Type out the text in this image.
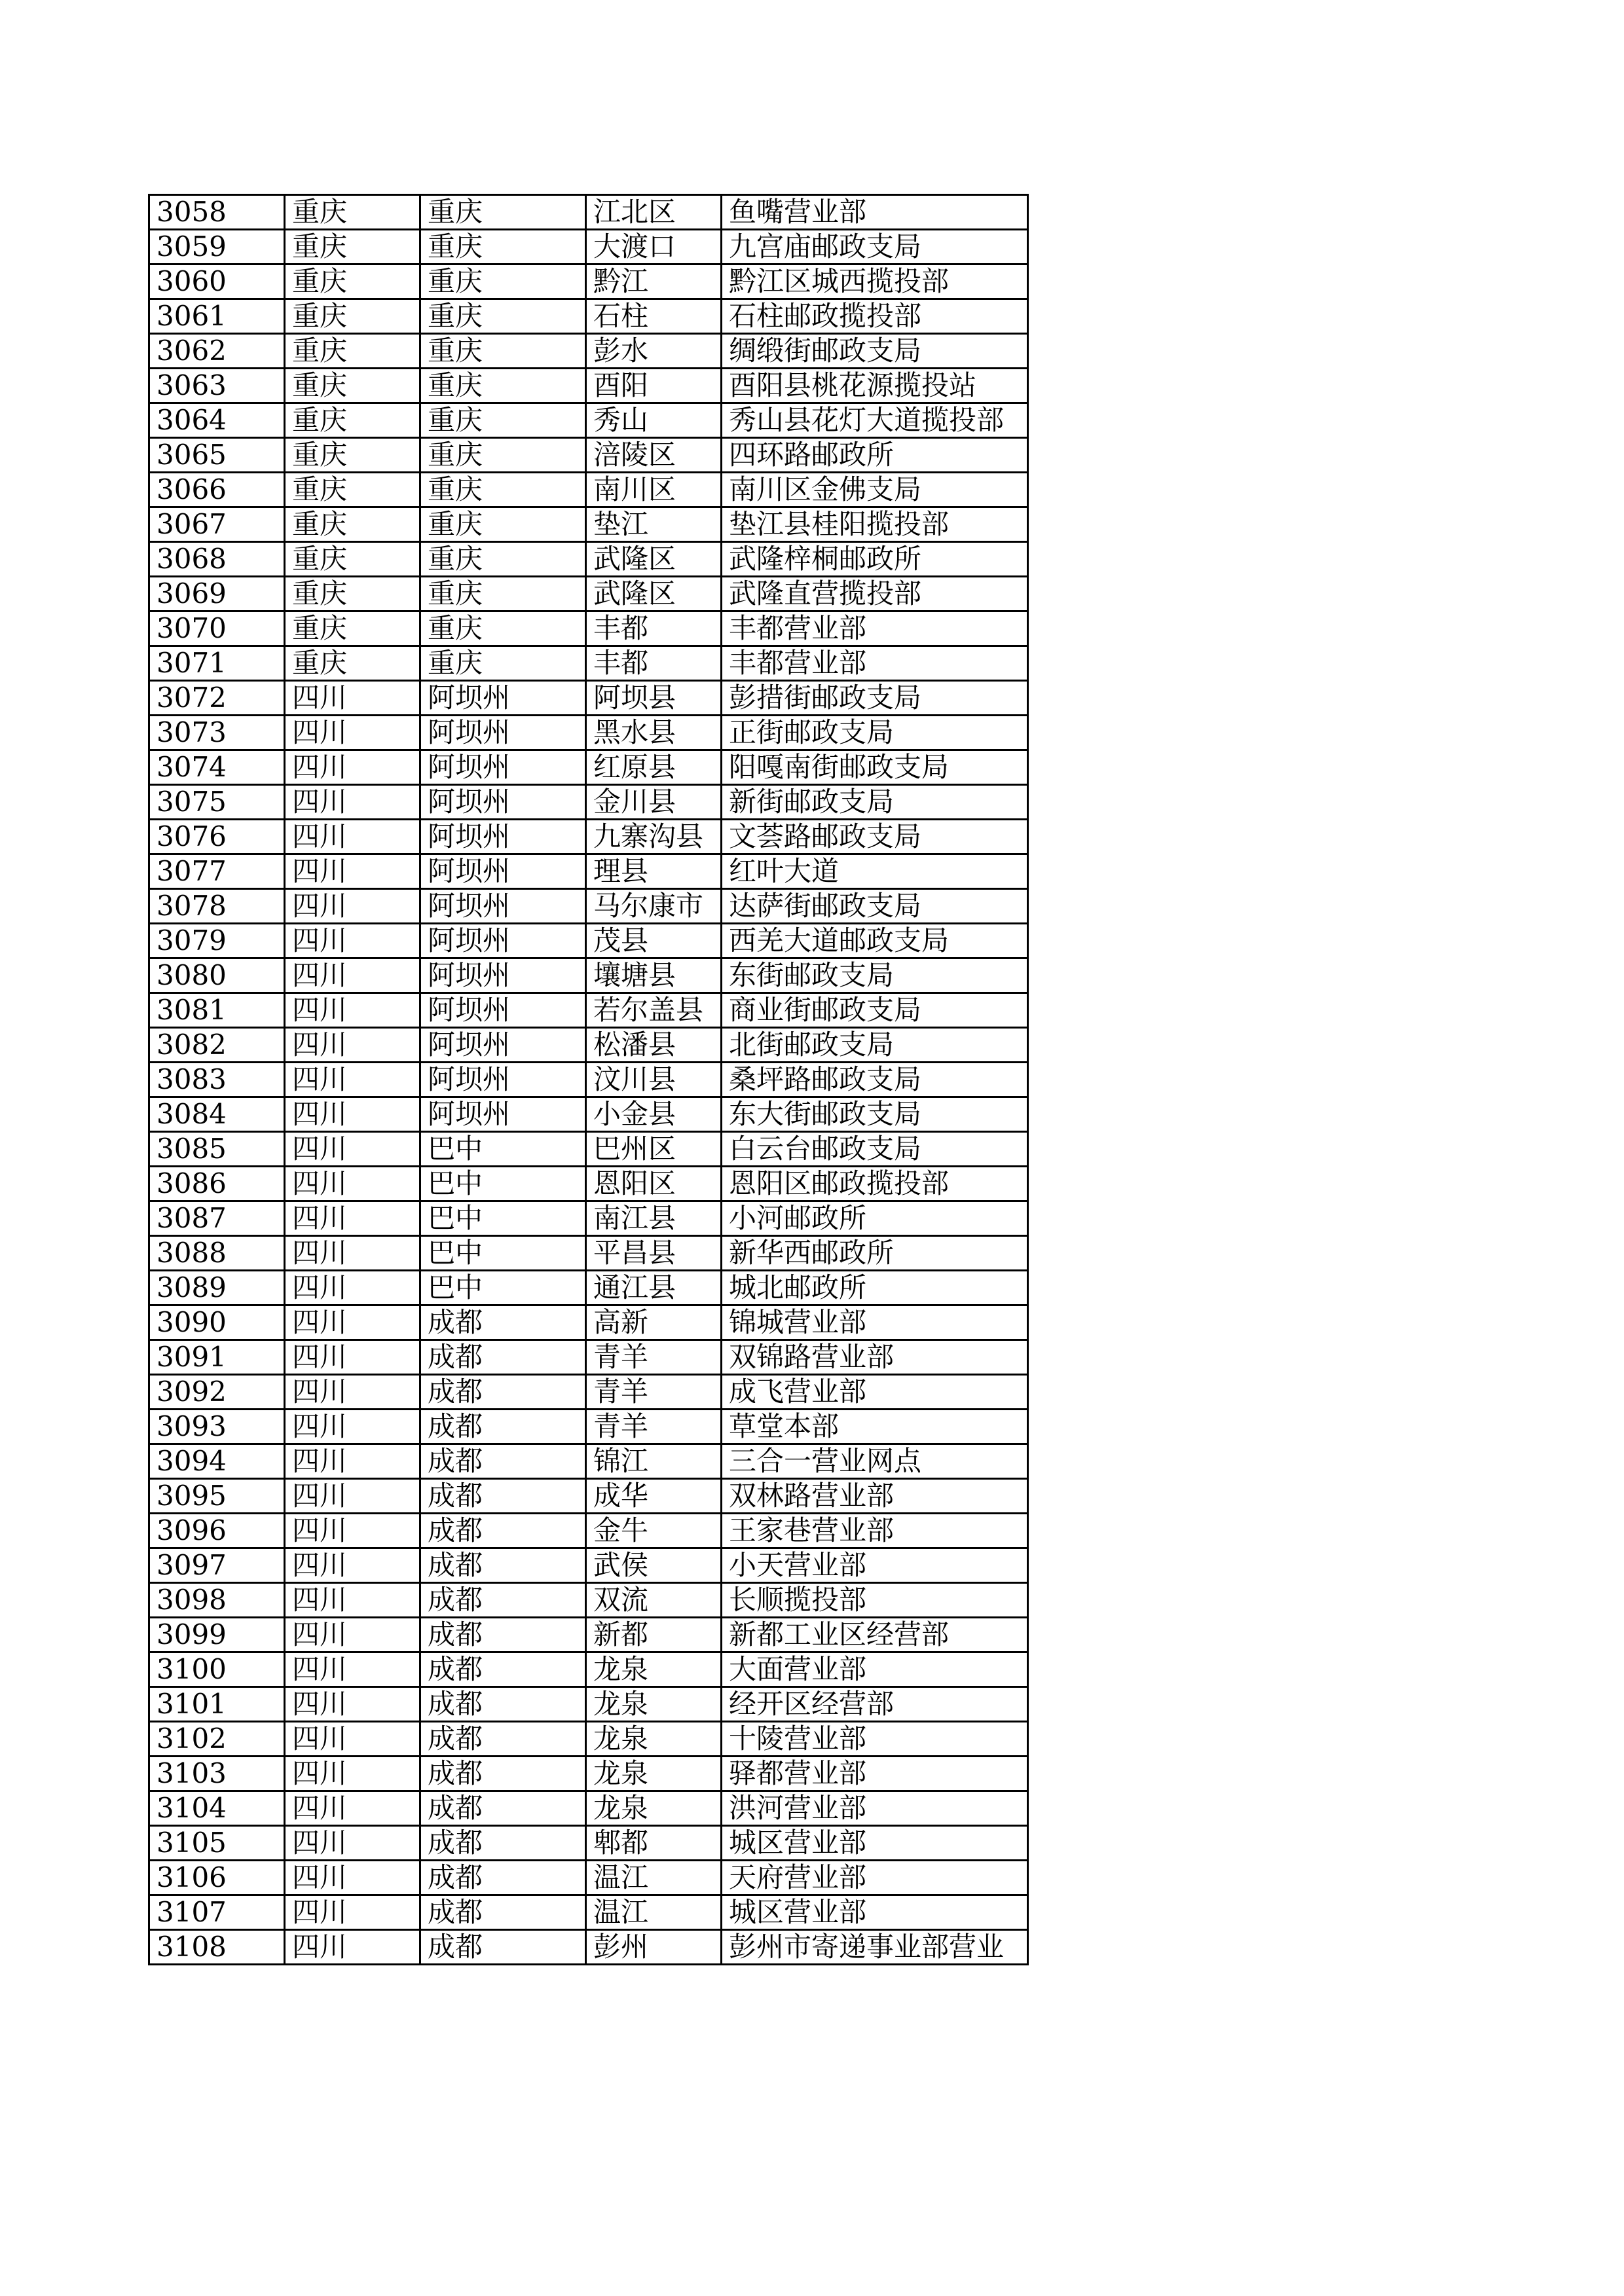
3058	重庆	重庆	江北区	鱼嘴营业部
3059	重庆	重庆	大渡口	九宫庙邮政支局
3060	重庆	重庆	黔江	黔江区城西揽投部
3061	重庆	重庆	石柱	石柱邮政揽投部
3062	重庆	重庆	彭水	绸缎街邮政支局
3063	重庆	重庆	酉阳	酉阳县桃花源揽投站
3064	重庆	重庆	秀山	秀山县花灯大道揽投部
3065	重庆	重庆	涪陵区	四环路邮政所
3066	重庆	重庆	南川区	南川区金佛支局
3067	重庆	重庆	垫江	垫江县桂阳揽投部
3068	重庆	重庆	武隆区	武隆梓桐邮政所
3069	重庆	重庆	武隆区	武隆直营揽投部
3070	重庆	重庆	丰都	丰都营业部
3071	重庆	重庆	丰都	丰都营业部
3072	四川	阿坝州	阿坝县	彭措街邮政支局
3073	四川	阿坝州	黑水县	正街邮政支局
3074	四川	阿坝州	红原县	阳嘎南街邮政支局
3075	四川	阿坝州	金川县	新街邮政支局
3076	四川	阿坝州	九寨沟县	文荟路邮政支局
3077	四川	阿坝州	理县	红叶大道
3078	四川	阿坝州	马尔康市	达萨街邮政支局
3079	四川	阿坝州	茂县	西羌大道邮政支局
3080	四川	阿坝州	壤塘县	东街邮政支局
3081	四川	阿坝州	若尔盖县	商业街邮政支局
3082	四川	阿坝州	松潘县	北街邮政支局
3083	四川	阿坝州	汶川县	桑坪路邮政支局
3084	四川	阿坝州	小金县	东大街邮政支局
3085	四川	巴中	巴州区	白云台邮政支局
3086	四川	巴中	恩阳区	恩阳区邮政揽投部
3087	四川	巴中	南江县	小河邮政所
3088	四川	巴中	平昌县	新华西邮政所
3089	四川	巴中	通江县	城北邮政所
3090	四川	成都	高新	锦城营业部
3091	四川	成都	青羊	双锦路营业部
3092	四川	成都	青羊	成飞营业部
3093	四川	成都	青羊	草堂本部
3094	四川	成都	锦江	三合一营业网点
3095	四川	成都	成华	双林路营业部
3096	四川	成都	金牛	王家巷营业部
3097	四川	成都	武侯	小天营业部
3098	四川	成都	双流	长顺揽投部
3099	四川	成都	新都	新都工业区经营部
3100	四川	成都	龙泉	大面营业部
3101	四川	成都	龙泉	经开区经营部
3102	四川	成都	龙泉	十陵营业部
3103	四川	成都	龙泉	驿都营业部
3104	四川	成都	龙泉	洪河营业部
3105	四川	成都	郫都	城区营业部
3106	四川	成都	温江	天府营业部
3107	四川	成都	温江	城区营业部
3108	四川	成都	彭州	彭州市寄递事业部营业
